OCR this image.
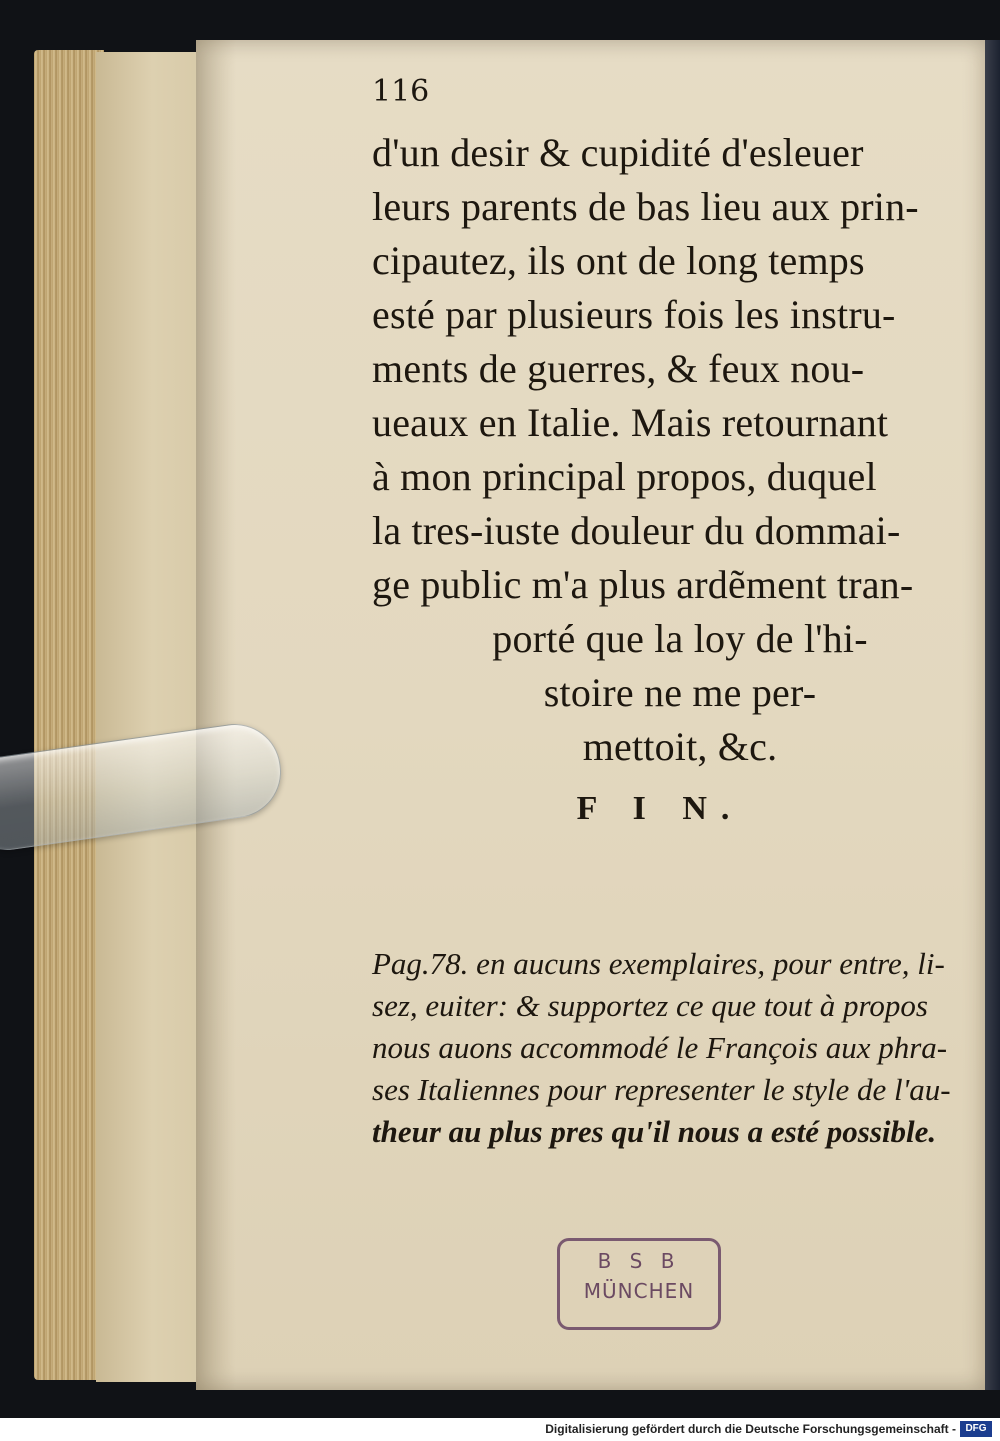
116
d'un desir & cupidité d'esleuer
leurs parents de bas lieu aux prin-
cipautez, ils ont de long temps
esté par plusieurs fois les instru-
ments de guerres, & feux nou-
ueaux en Italie. Mais retournant
à mon principal propos, duquel
la tres-iuste douleur du dommai-
ge public m'a plus ardẽment tran-
porté que la loy de l'hi-
stoire ne me per-
mettoit, &c.
F I N.
Pag.78. en aucuns exemplaires, pour entre, li-
sez, euiter: & supportez ce que tout à propos
nous auons accommodé le François aux phra-
ses Italiennes pour representer le style de l'au-
theur au plus pres qu'il nous a esté possible.
B S B
MÜNCHEN
Digitalisierung gefördert durch die Deutsche Forschungsgemeinschaft - DFG
